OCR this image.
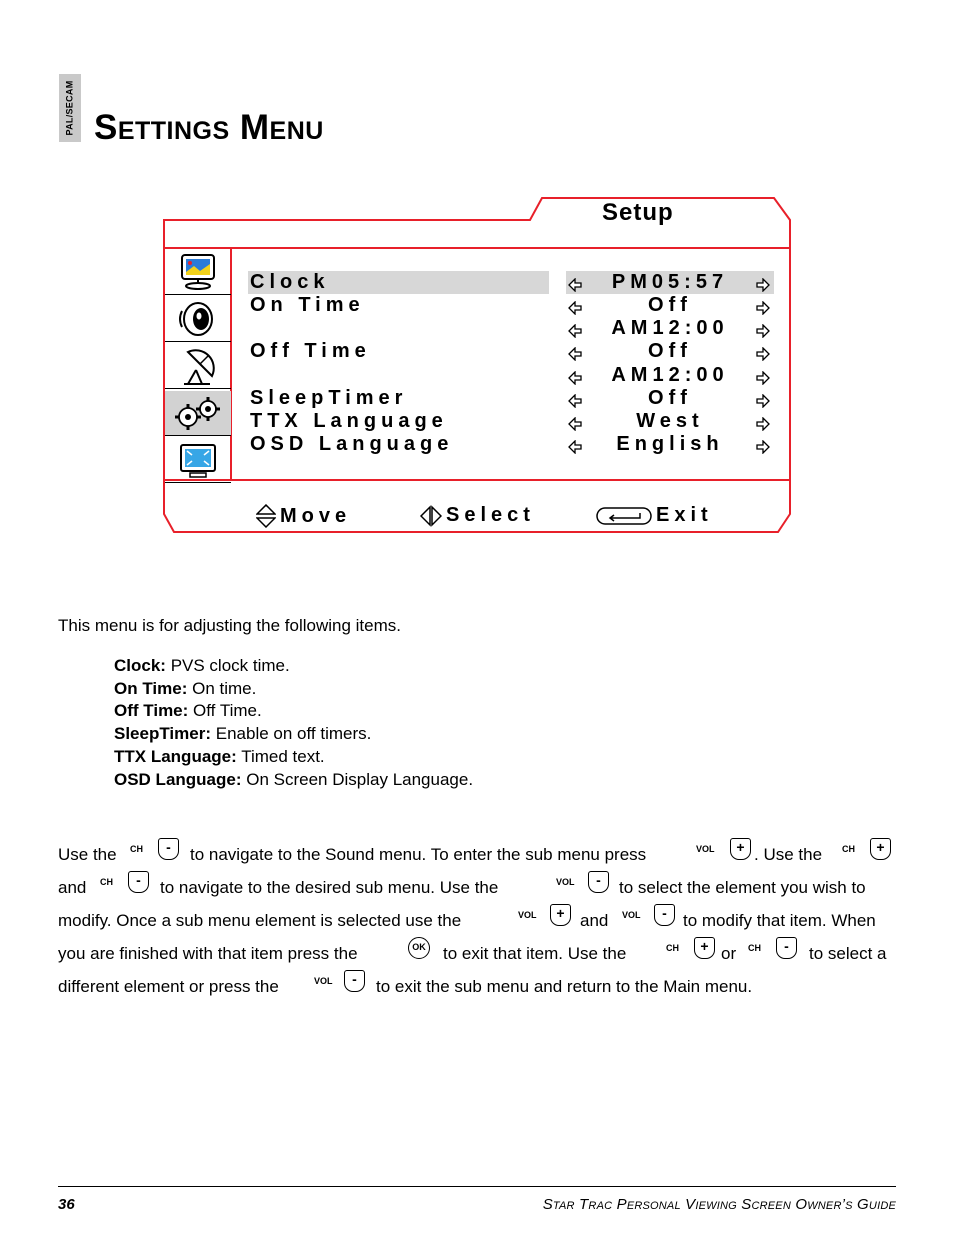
PAL/SECAM Settings Menu
Setup
Clock	PM05:57
On Time	Off
AM12:00
Off Time	Off
AM12:00
SleepTimer	Off
TTX Language	West
OSD Language	English
Move	Select	Exit

This menu is for adjusting the following items.

Clock: PVS clock time.
On Time: On time.
Off Time: Off Time.
SleepTimer: Enable on off timers.
TTX Language: Timed text.
OSD Language: On Screen Display Language.
Use the CH	-	to navigate to the Sound menu. To enter the sub menu press	VOL	+ . Use the CH	+
and CH	-	to navigate to the desired sub menu. Use the	VOL	-	to select the element you wish to
modify. Once a sub menu element is selected use the	VOL	+ and VOL	- to modify that item. When
you are finished with that item press the	OK to exit that item. Use the	CH	+ or CH	-	to select a
different element or press the	VOL	-	to exit the sub menu and return to the Main menu.
36	Star Trac Personal Viewing Screen Owner’s Guide
